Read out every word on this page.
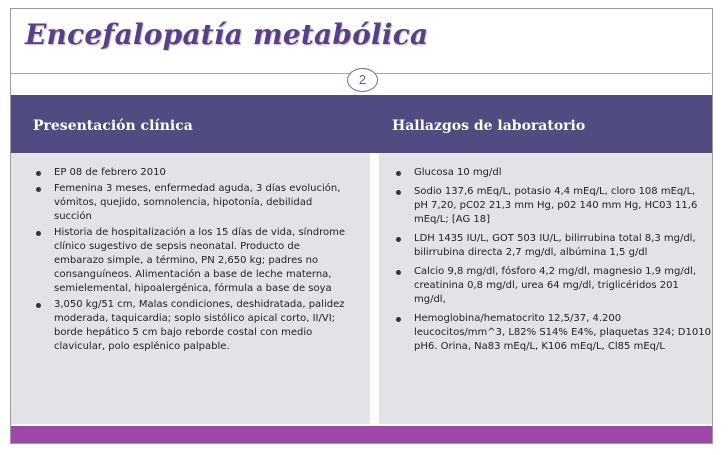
Encefalopatía metabólica
2
Presentación clínica	Hallazgos de laboratorio
EP 08 de febrero 2010
Femenina 3 meses, enfermedad aguda, 3 días evolución, vómitos, quejido, somnolencia, hipotonía, debilidad succión
Historia de hospitalización a los 15 días de vida, síndrome clínico sugestivo de sepsis neonatal. Producto de embarazo simple, a término, PN 2,650 kg; padres no consanguíneos. Alimentación a base de leche materna, semielemental, hipoalergénica, fórmula a base de soya
3,050 kg/51 cm, Malas condiciones, deshidratada, palidez moderada, taquicardia; soplo sistólico apical corto, II/VI; borde hepático 5 cm bajo reborde costal con medio clavicular, polo esplénico palpable.
Glucosa 10 mg/dl
Sodio 137,6 mEq/L, potasio 4,4 mEq/L, cloro 108 mEq/L, pH 7,20, pC02 21,3 mm Hg, p02 140 mm Hg, HC03 11,6 mEq/L; [AG 18]
LDH 1435 IU/L, GOT 503 IU/L, bilirrubina total 8,3 mg/dl, bilirrubina directa 2,7 mg/dl, albúmina 1,5 g/dl
Calcio 9,8 mg/dl, fósforo 4,2 mg/dl, magnesio 1,9 mg/dl, creatinina 0,8 mg/dl, urea 64 mg/dl, triglicéridos 201 mg/dl,
Hemoglobina/hematocrito 12,5/37, 4.200 leucocitos/mm^3, L82% S14% E4%, plaquetas 324; D1010 pH6. Orina, Na83 mEq/L, K106 mEq/L, Cl85 mEq/L
